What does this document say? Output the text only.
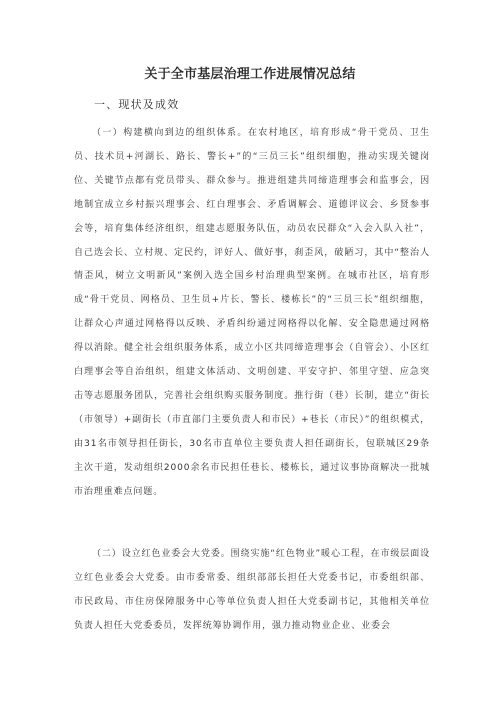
关于全市基层治理工作进展情况总结
一、现状及成效
（一）构建横向到边的组织体系。在农村地区，培育形成“骨干党员、卫生员、技术员+河湖长、路长、警长+”的“三员三长”组织细胞，推动实现关键岗位、关键节点都有党员带头、群众参与。推进组建共同缔造理事会和监事会，因地制宜成立乡村振兴理事会、红白理事会、矛盾调解会、道德评议会、乡贤参事会等，培育集体经济组织，组建志愿服务队伍，动员农民群众“入会入队入社”，自己选会长、立村规、定民约，评好人、做好事，刹歪风，破陋习，其中“整治人情歪风，树立文明新风”案例入选全国乡村治理典型案例。在城市社区，培育形成“骨干党员、网格员、卫生员+片长、警长、楼栋长”的“三员三长”组织细胞，让群众心声通过网格得以反映、矛盾纠纷通过网格得以化解、安全隐患通过网格得以消除。健全社会组织服务体系，成立小区共同缔造理事会（自管会）、小区红白理事会等自治组织，组建文体活动、文明创建、平安守护、邻里守望、应急突击等志愿服务团队，完善社会组织购买服务制度。推行街（巷）长制，建立“街长（市领导）+副街长（市直部门主要负责人和市民）+巷长（市民）”的组织模式，由31名市领导担任街长，30名市直单位主要负责人担任副街长，包联城区29条主次干道，发动组织2000余名市民担任巷长、楼栋长，通过议事协商解决一批城市治理重难点问题。
（二）设立红色业委会大党委。围绕实施“红色物业”暖心工程，在市级层面设立红色业委会大党委。由市委常委、组织部部长担任大党委书记，市委组织部、市民政局、市住房保障服务中心等单位负责人担任大党委副书记，其他相关单位负责人担任大党委委员，发挥统筹协调作用，强力推动物业企业、业委会
